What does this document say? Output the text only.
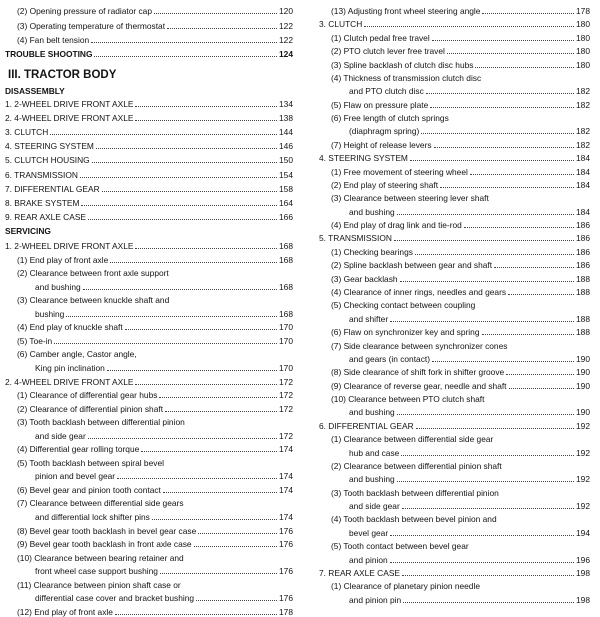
(2) Opening pressure of radiator cap	120
(3) Operating temperature of thermostat	122
(4) Fan belt tension	122
TROUBLE SHOOTING	124
III. TRACTOR BODY
DISASSEMBLY
1. 2-WHEEL DRIVE FRONT AXLE	134
2. 4-WHEEL DRIVE FRONT AXLE	138
3. CLUTCH	144
4. STEERING SYSTEM	146
5. CLUTCH HOUSING	150
6. TRANSMISSION	154
7. DIFFERENTIAL GEAR	158
8. BRAKE SYSTEM	164
9. REAR AXLE CASE	166
SERVICING
1. 2-WHEEL DRIVE FRONT AXLE	168
(1) End play of front axle	168
(2) Clearance between front axle support
and bushing	168
(3) Clearance between knuckle shaft and
bushing	168
(4) End play of knuckle shaft	170
(5) Toe-in	170
(6) Camber angle, Castor angle,
King pin inclination	170
2. 4-WHEEL DRIVE FRONT AXLE	172
(1) Clearance of differential gear hubs	172
(2) Clearance of differential pinion shaft	172
(3) Tooth backlash between differential pinion
and side gear	172
(4) Differential gear rolling torque	174
(5) Tooth backlash between spiral bevel
pinion and bevel gear	174
(6) Bevel gear and pinion tooth contact	174
(7) Clearance between differential side gears
and differential lock shifter pins	174
(8) Bevel gear tooth backlash in bevel gear case	176
(9) Bevel gear tooth backlash in front axle case	176
(10) Clearance between bearing retainer and
front wheel case support bushing	176
(11) Clearance between pinion shaft case or
differential case cover and bracket bushing	176
(12) End play of front axle	178
(13) Adjusting front wheel steering angle	178
3. CLUTCH	180
(1) Clutch pedal free travel	180
(2) PTO clutch lever free travel	180
(3) Spline backlash of clutch disc hubs	180
(4) Thickness of transmission clutch disc
and PTO clutch disc	182
(5) Flaw on pressure plate	182
(6) Free length of clutch springs
(diaphragm spring)	182
(7) Height of release levers	182
4. STEERING SYSTEM	184
(1) Free movement of steering wheel	184
(2) End play of steering shaft	184
(3) Clearance between steering lever shaft
and bushing	184
(4) End play of drag link and tie-rod	186
5. TRANSMISSION	186
(1) Checking bearings	186
(2) Spline backlash between gear and shaft	186
(3) Gear backlash	188
(4) Clearance of inner rings, needles and gears	188
(5) Checking contact between coupling
and shifter	188
(6) Flaw on synchronizer key and spring	188
(7) Side clearance between synchronizer cones
and gears (in contact)	190
(8) Side clearance of shift fork in shifter groove	190
(9) Clearance of reverse gear, needle and shaft	190
(10) Clearance between PTO clutch shaft
and bushing	190
6. DIFFERENTIAL GEAR	192
(1) Clearance between differential side gear
hub and case	192
(2) Clearance between differential pinion shaft
and bushing	192
(3) Tooth backlash between differential pinion
and side gear	192
(4) Tooth backlash between bevel pinion and
bevel gear	194
(5) Tooth contact between bevel gear
and pinion	196
7. REAR AXLE CASE	198
(1) Clearance of planetary pinion needle
and pinion pin	198
